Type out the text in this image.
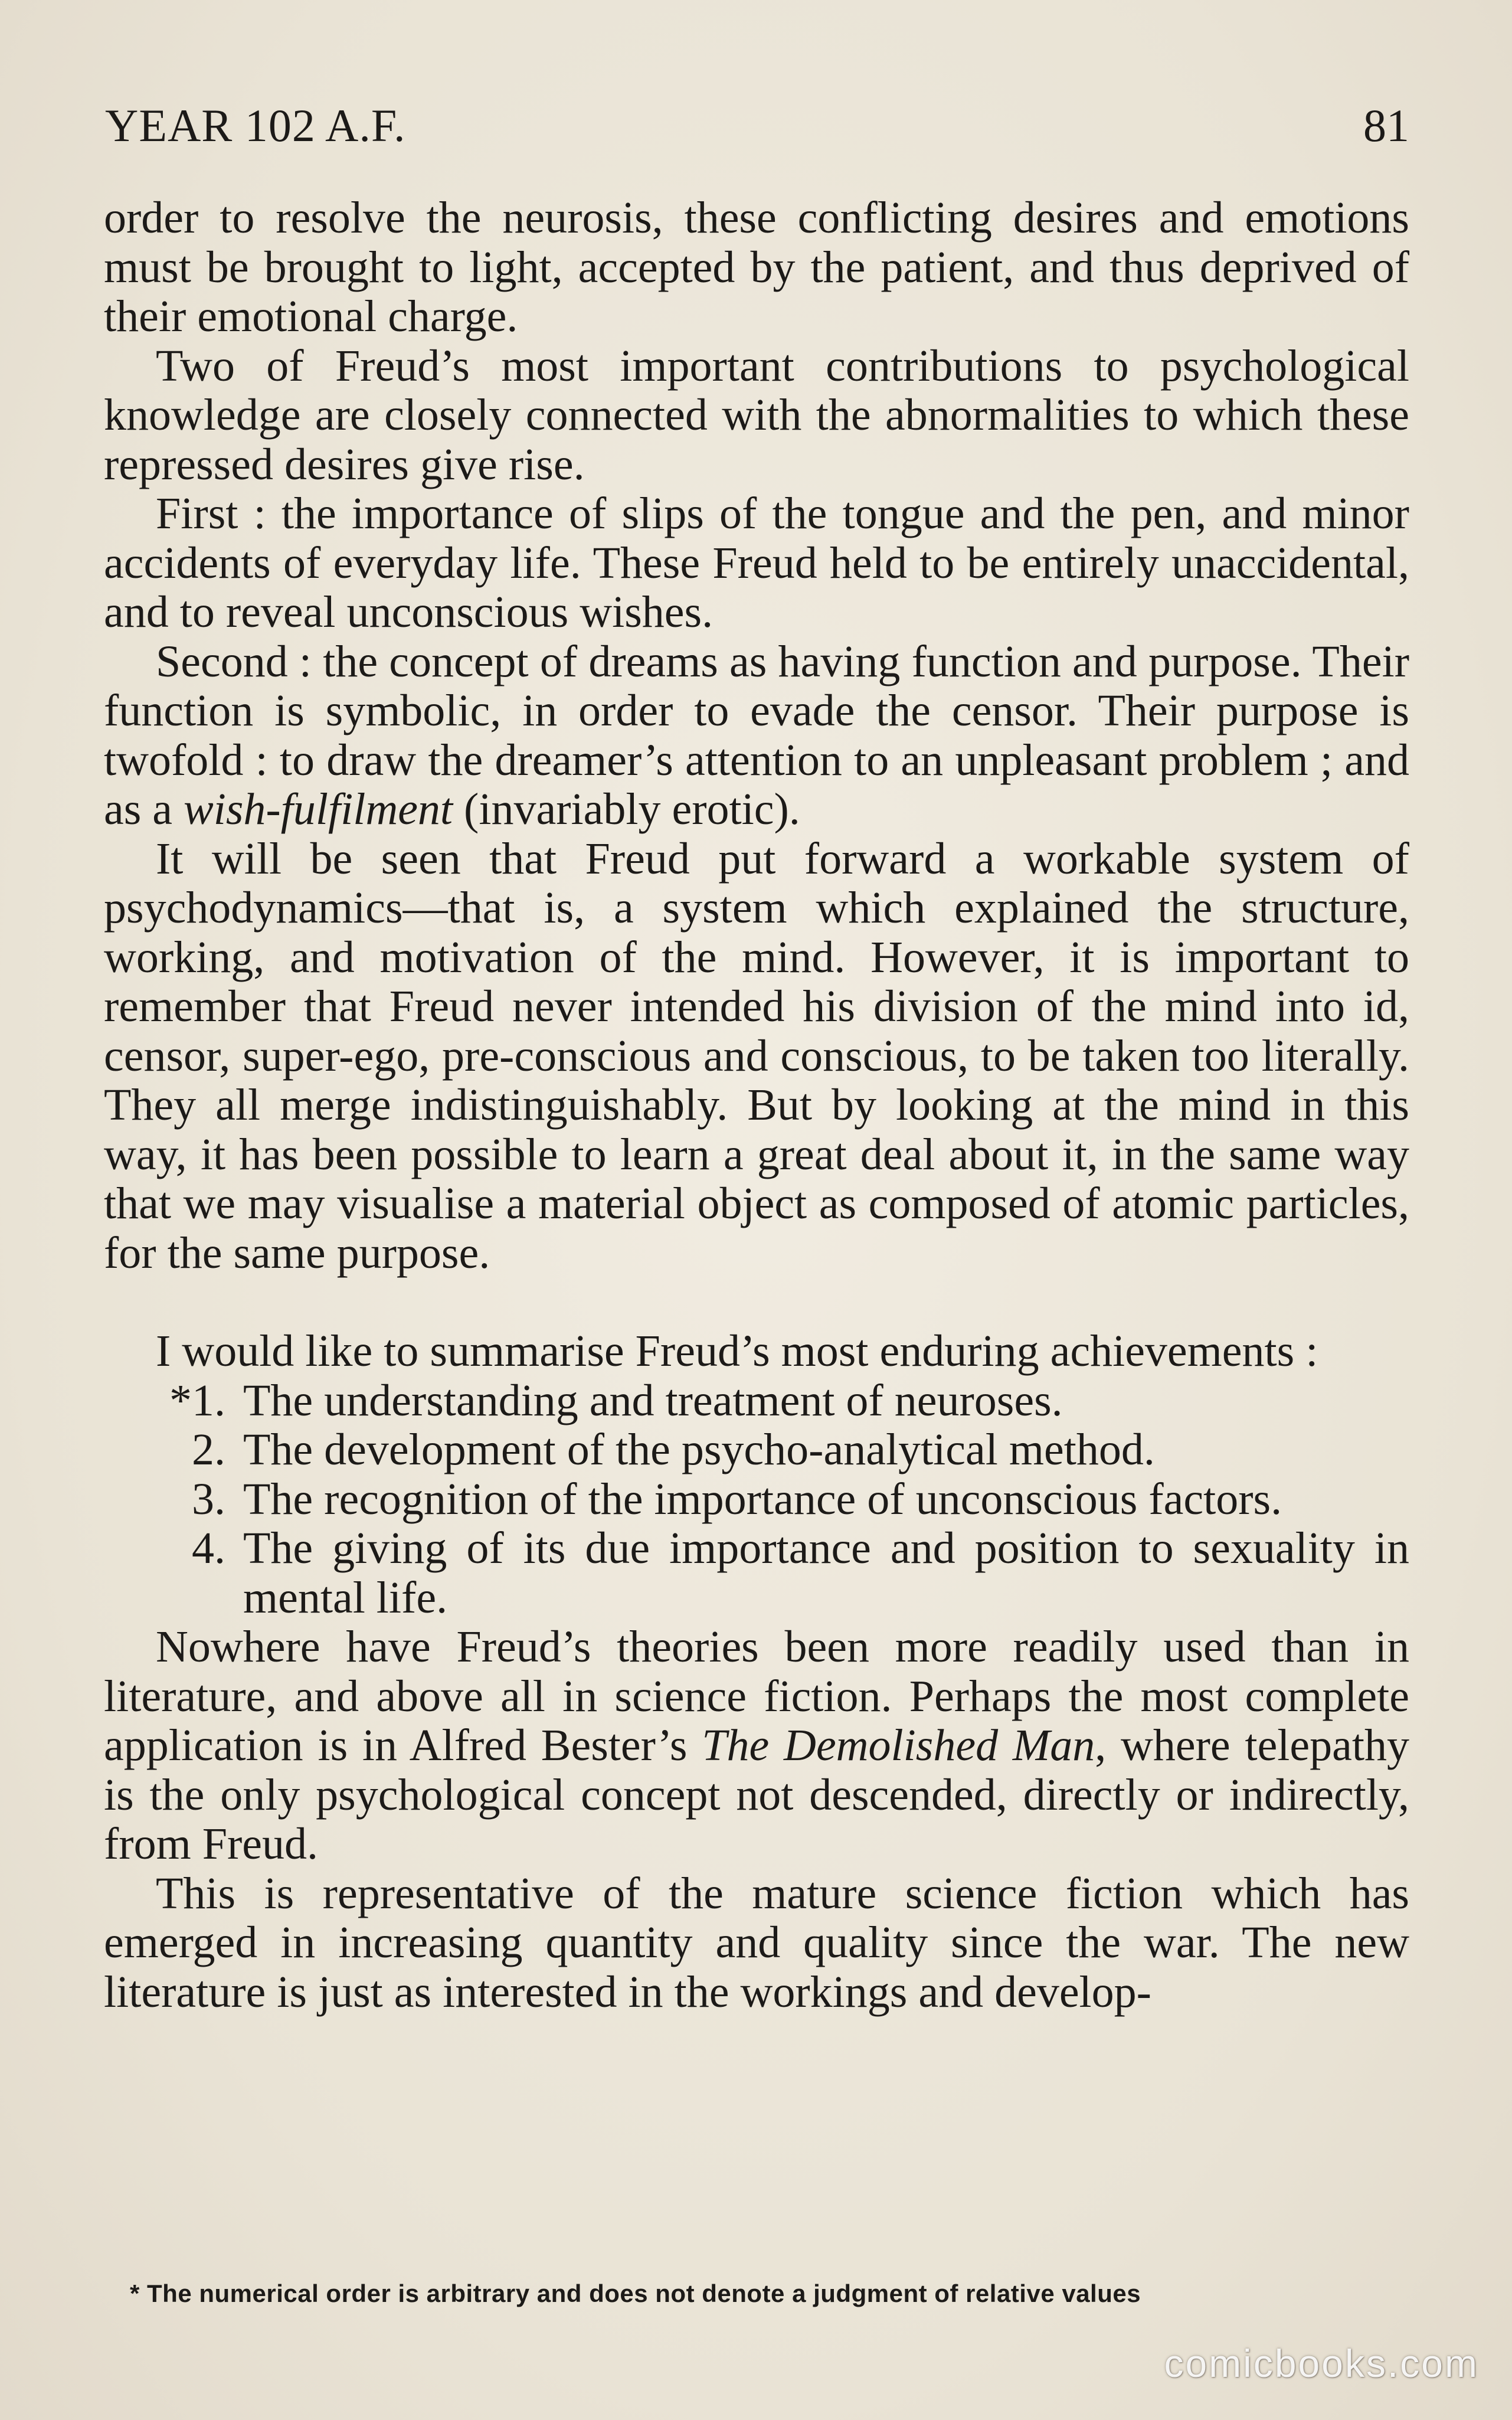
YEAR 102 A.F.	81

order to resolve the neurosis, these conflicting desires and emotions must be brought to light, accepted by the patient, and thus deprived of their emotional charge.

Two of Freud’s most important contributions to psychological knowledge are closely connected with the abnormalities to which these repressed desires give rise.

First : the importance of slips of the tongue and the pen, and minor accidents of everyday life. These Freud held to be entirely unaccidental, and to reveal unconscious wishes.

Second : the concept of dreams as having function and purpose. Their function is symbolic, in order to evade the censor. Their purpose is twofold : to draw the dreamer’s attention to an unpleasant problem ; and as a wish-fulfilment (invariably erotic).

It will be seen that Freud put forward a workable system of psychodynamics—that is, a system which explained the structure, working, and motivation of the mind. However, it is important to remember that Freud never intended his division of the mind into id, censor, super-ego, pre-conscious and conscious, to be taken too literally. They all merge indistinguishably. But by looking at the mind in this way, it has been possible to learn a great deal about it, in the same way that we may visualise a material object as composed of atomic particles, for the same purpose.

I would like to summarise Freud’s most enduring achievements :

*1. The understanding and treatment of neuroses.
2. The development of the psycho-analytical method.
3. The recognition of the importance of unconscious factors.
4. The giving of its due importance and position to sexuality in mental life.

Nowhere have Freud’s theories been more readily used than in literature, and above all in science fiction. Perhaps the most complete application is in Alfred Bester’s The Demolished Man, where telepathy is the only psychological concept not descended, directly or indirectly, from Freud.

This is representative of the mature science fiction which has emerged in increasing quantity and quality since the war. The new literature is just as interested in the workings and develop-

* The numerical order is arbitrary and does not denote a judgment of relative values
comicbooks.com
